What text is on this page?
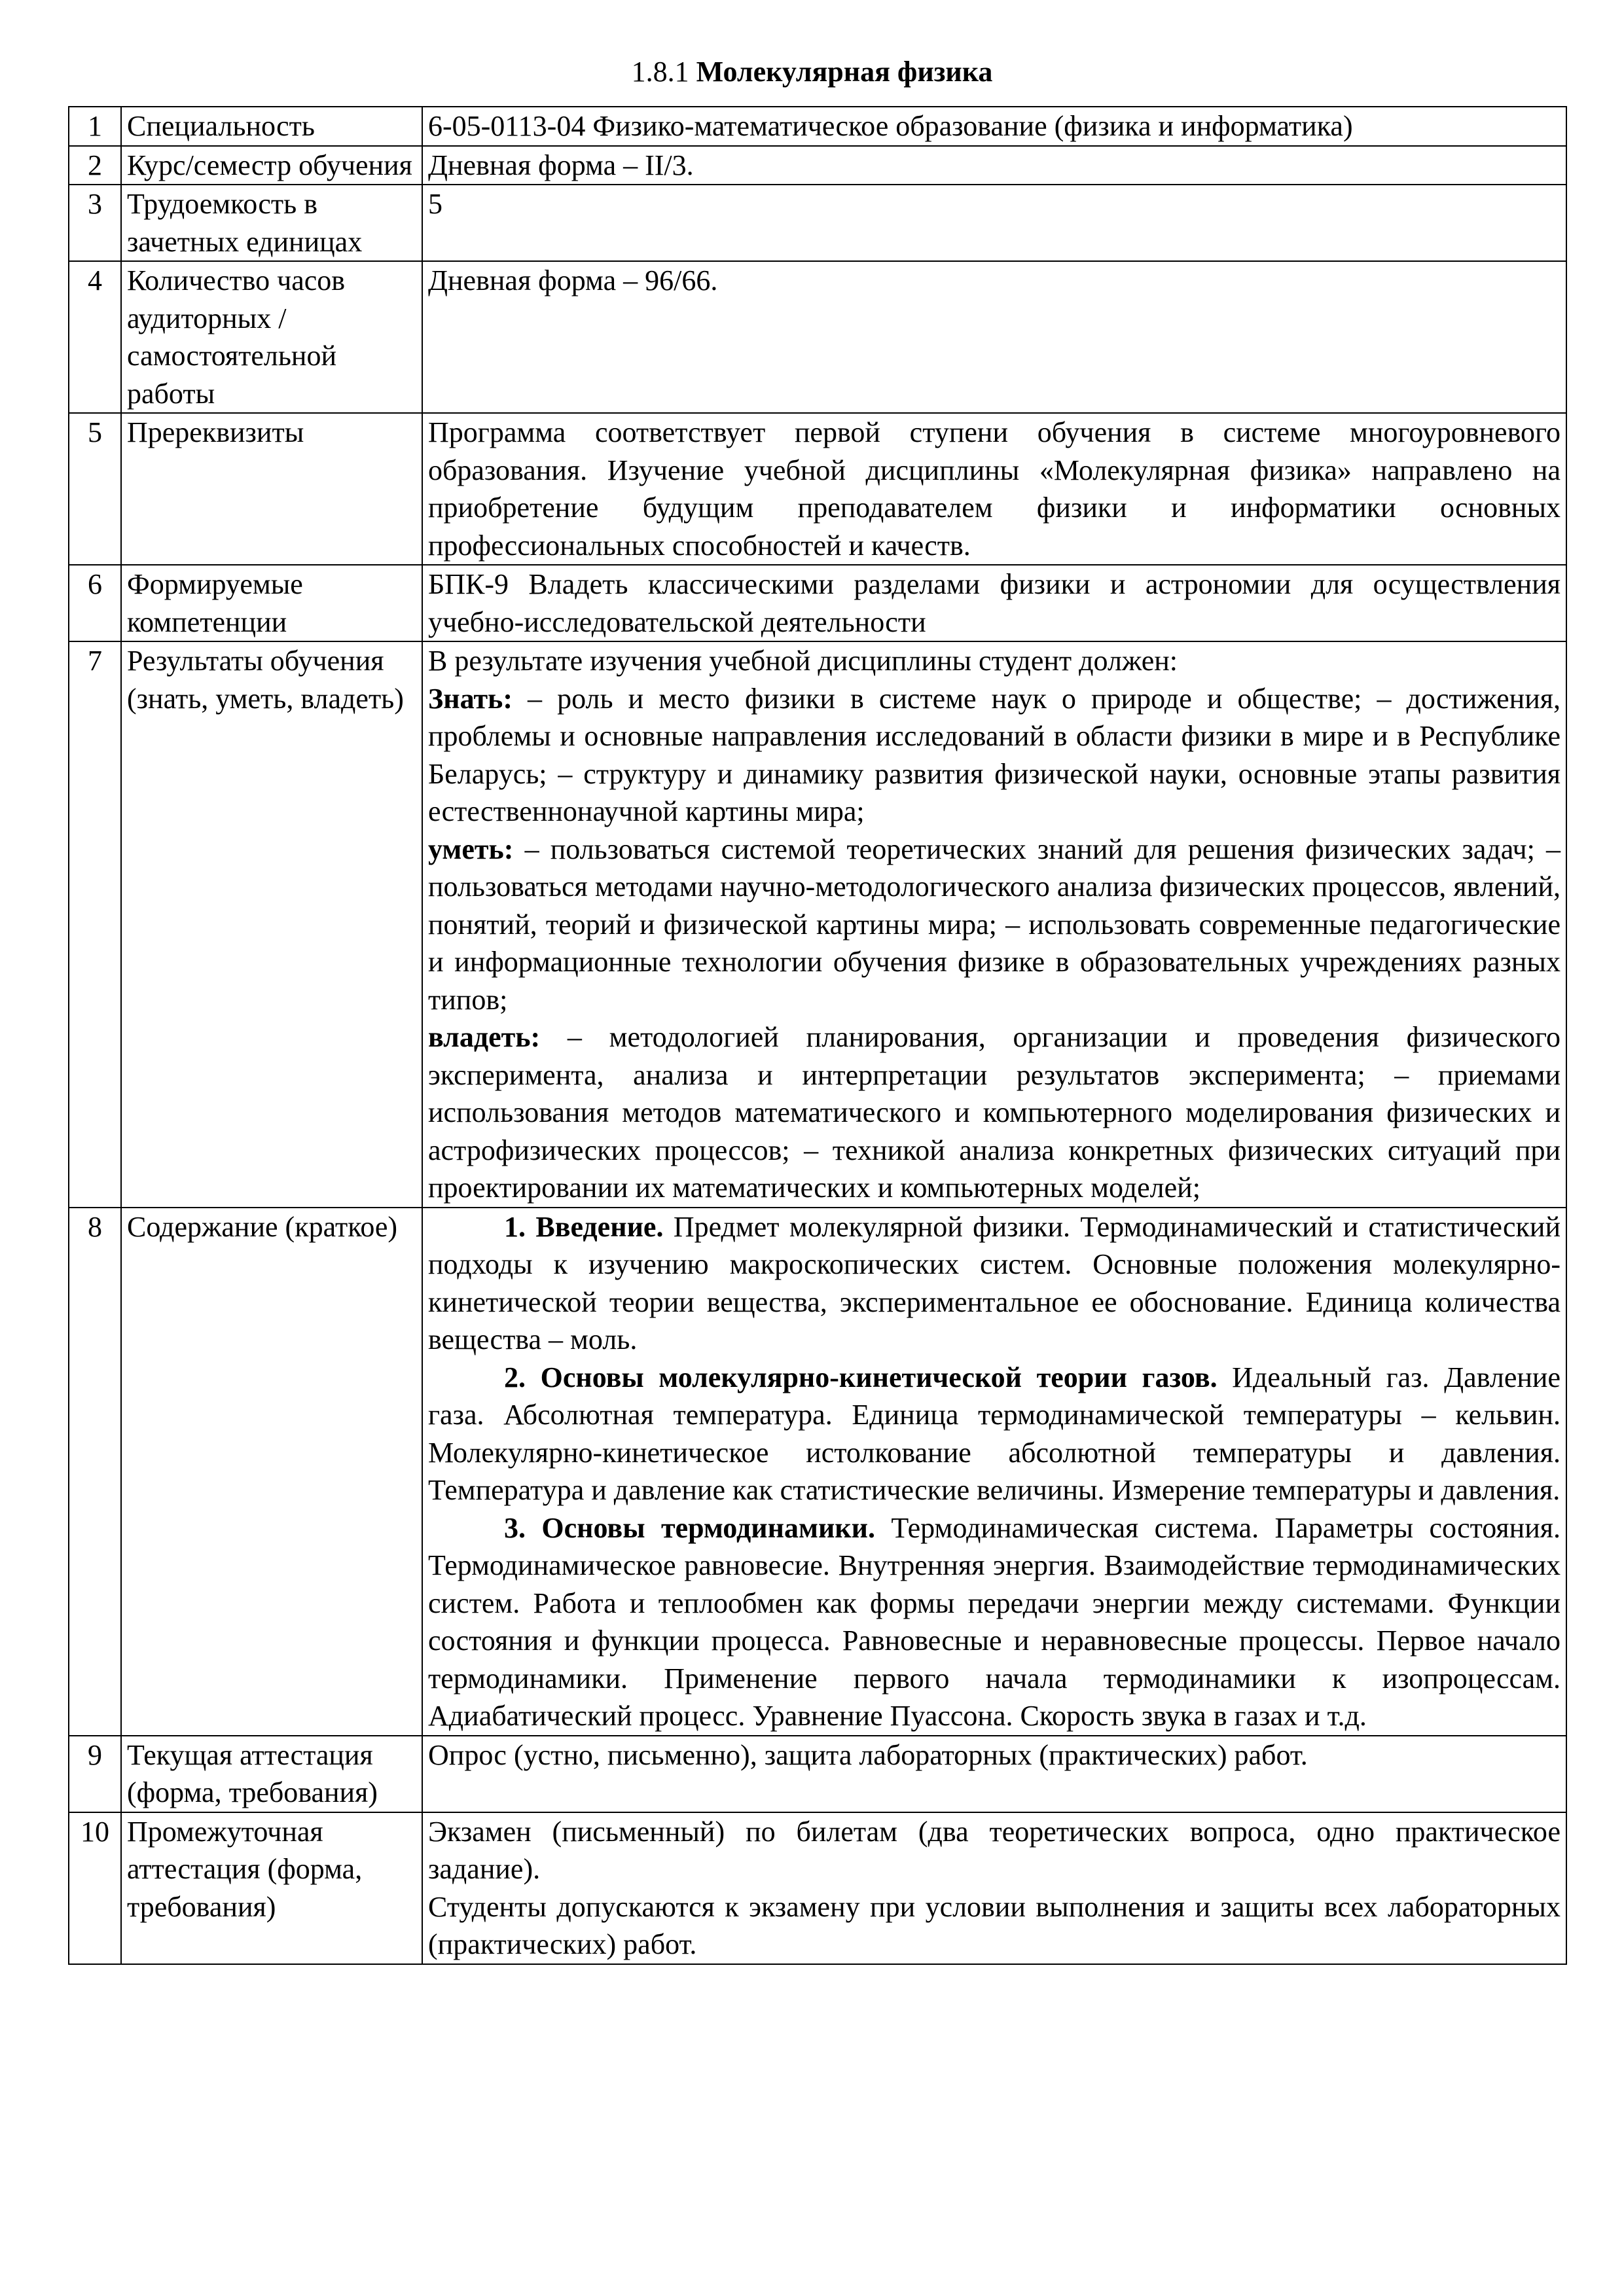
1.8.1 Молекулярная физика
1	Специальность	6-05-0113-04 Физико-математическое образование (физика и информатика)
2	Курс/семестр обучения	Дневная форма – II/3.
3	Трудоемкость в зачетных единицах	5
4	Количество часов аудиторных / самостоятельной работы	Дневная форма – 96/66.
5	Пререквизиты	Программа соответствует первой ступени обучения в системе многоуровневого образования. Изучение учебной дисциплины «Молекулярная физика» направлено на приобретение будущим преподавателем физики и информатики основных профессиональных способностей и качеств.
6	Формируемые компетенции	БПК-9 Владеть классическими разделами физики и астрономии для осуществления учебно-исследовательской деятельности
7	Результаты обучения (знать, уметь, владеть)	В результате изучения учебной дисциплины студент должен:

Знать: – роль и место физики в системе наук о природе и обществе; – достижения, проблемы и основные направления исследований в области физики в мире и в Республике Беларусь; – структуру и динамику развития физической науки, основные этапы развития естественнонаучной картины мира;

уметь: – пользоваться системой теоретических знаний для решения физических задач; – пользоваться методами научно-методологического анализа физических процессов, явлений, понятий, теорий и физической картины мира; – использовать современные педагогические и информационные технологии обучения физике в образовательных учреждениях разных типов;

владеть: – методологией планирования, организации и проведения физического эксперимента, анализа и интерпретации результатов эксперимента; – приемами использования методов математического и компьютерного моделирования физических и астрофизических процессов; – техникой анализа конкретных физических ситуаций при проектировании их математических и компьютерных моделей;

8	Содержание (краткое)	1. Введение. Предмет молекулярной физики. Термодинамический и статистический подходы к изучению макроскопических систем. Основные положения молекулярно-кинетической теории вещества, экспериментальное ее обоснование. Единица количества вещества – моль.

2. Основы молекулярно-кинетической теории газов. Идеальный газ. Давление газа. Абсолютная температура. Единица термодинамической температуры – кельвин. Молекулярно-кинетическое истолкование абсолютной температуры и давления. Температура и давление как статистические величины. Измерение температуры и давления.

3. Основы термодинамики. Термодинамическая система. Параметры состояния. Термодинамическое равновесие. Внутренняя энергия. Взаимодействие термодинамических систем. Работа и теплообмен как формы передачи энергии между системами. Функции состояния и функции процесса. Равновесные и неравновесные процессы. Первое начало термодинамики. Применение первого начала термодинамики к изопроцессам. Адиабатический процесс. Уравнение Пуассона. Скорость звука в газах и т.д.

9	Текущая аттестация (форма, требования)	Опрос (устно, письменно), защита лабораторных (практических) работ.
10	Промежуточная аттестация (форма, требования)	Экзамен (письменный) по билетам (два теоретических вопроса, одно практическое задание).

Студенты допускаются к экзамену при условии выполнения и защиты всех лабораторных (практических) работ.
